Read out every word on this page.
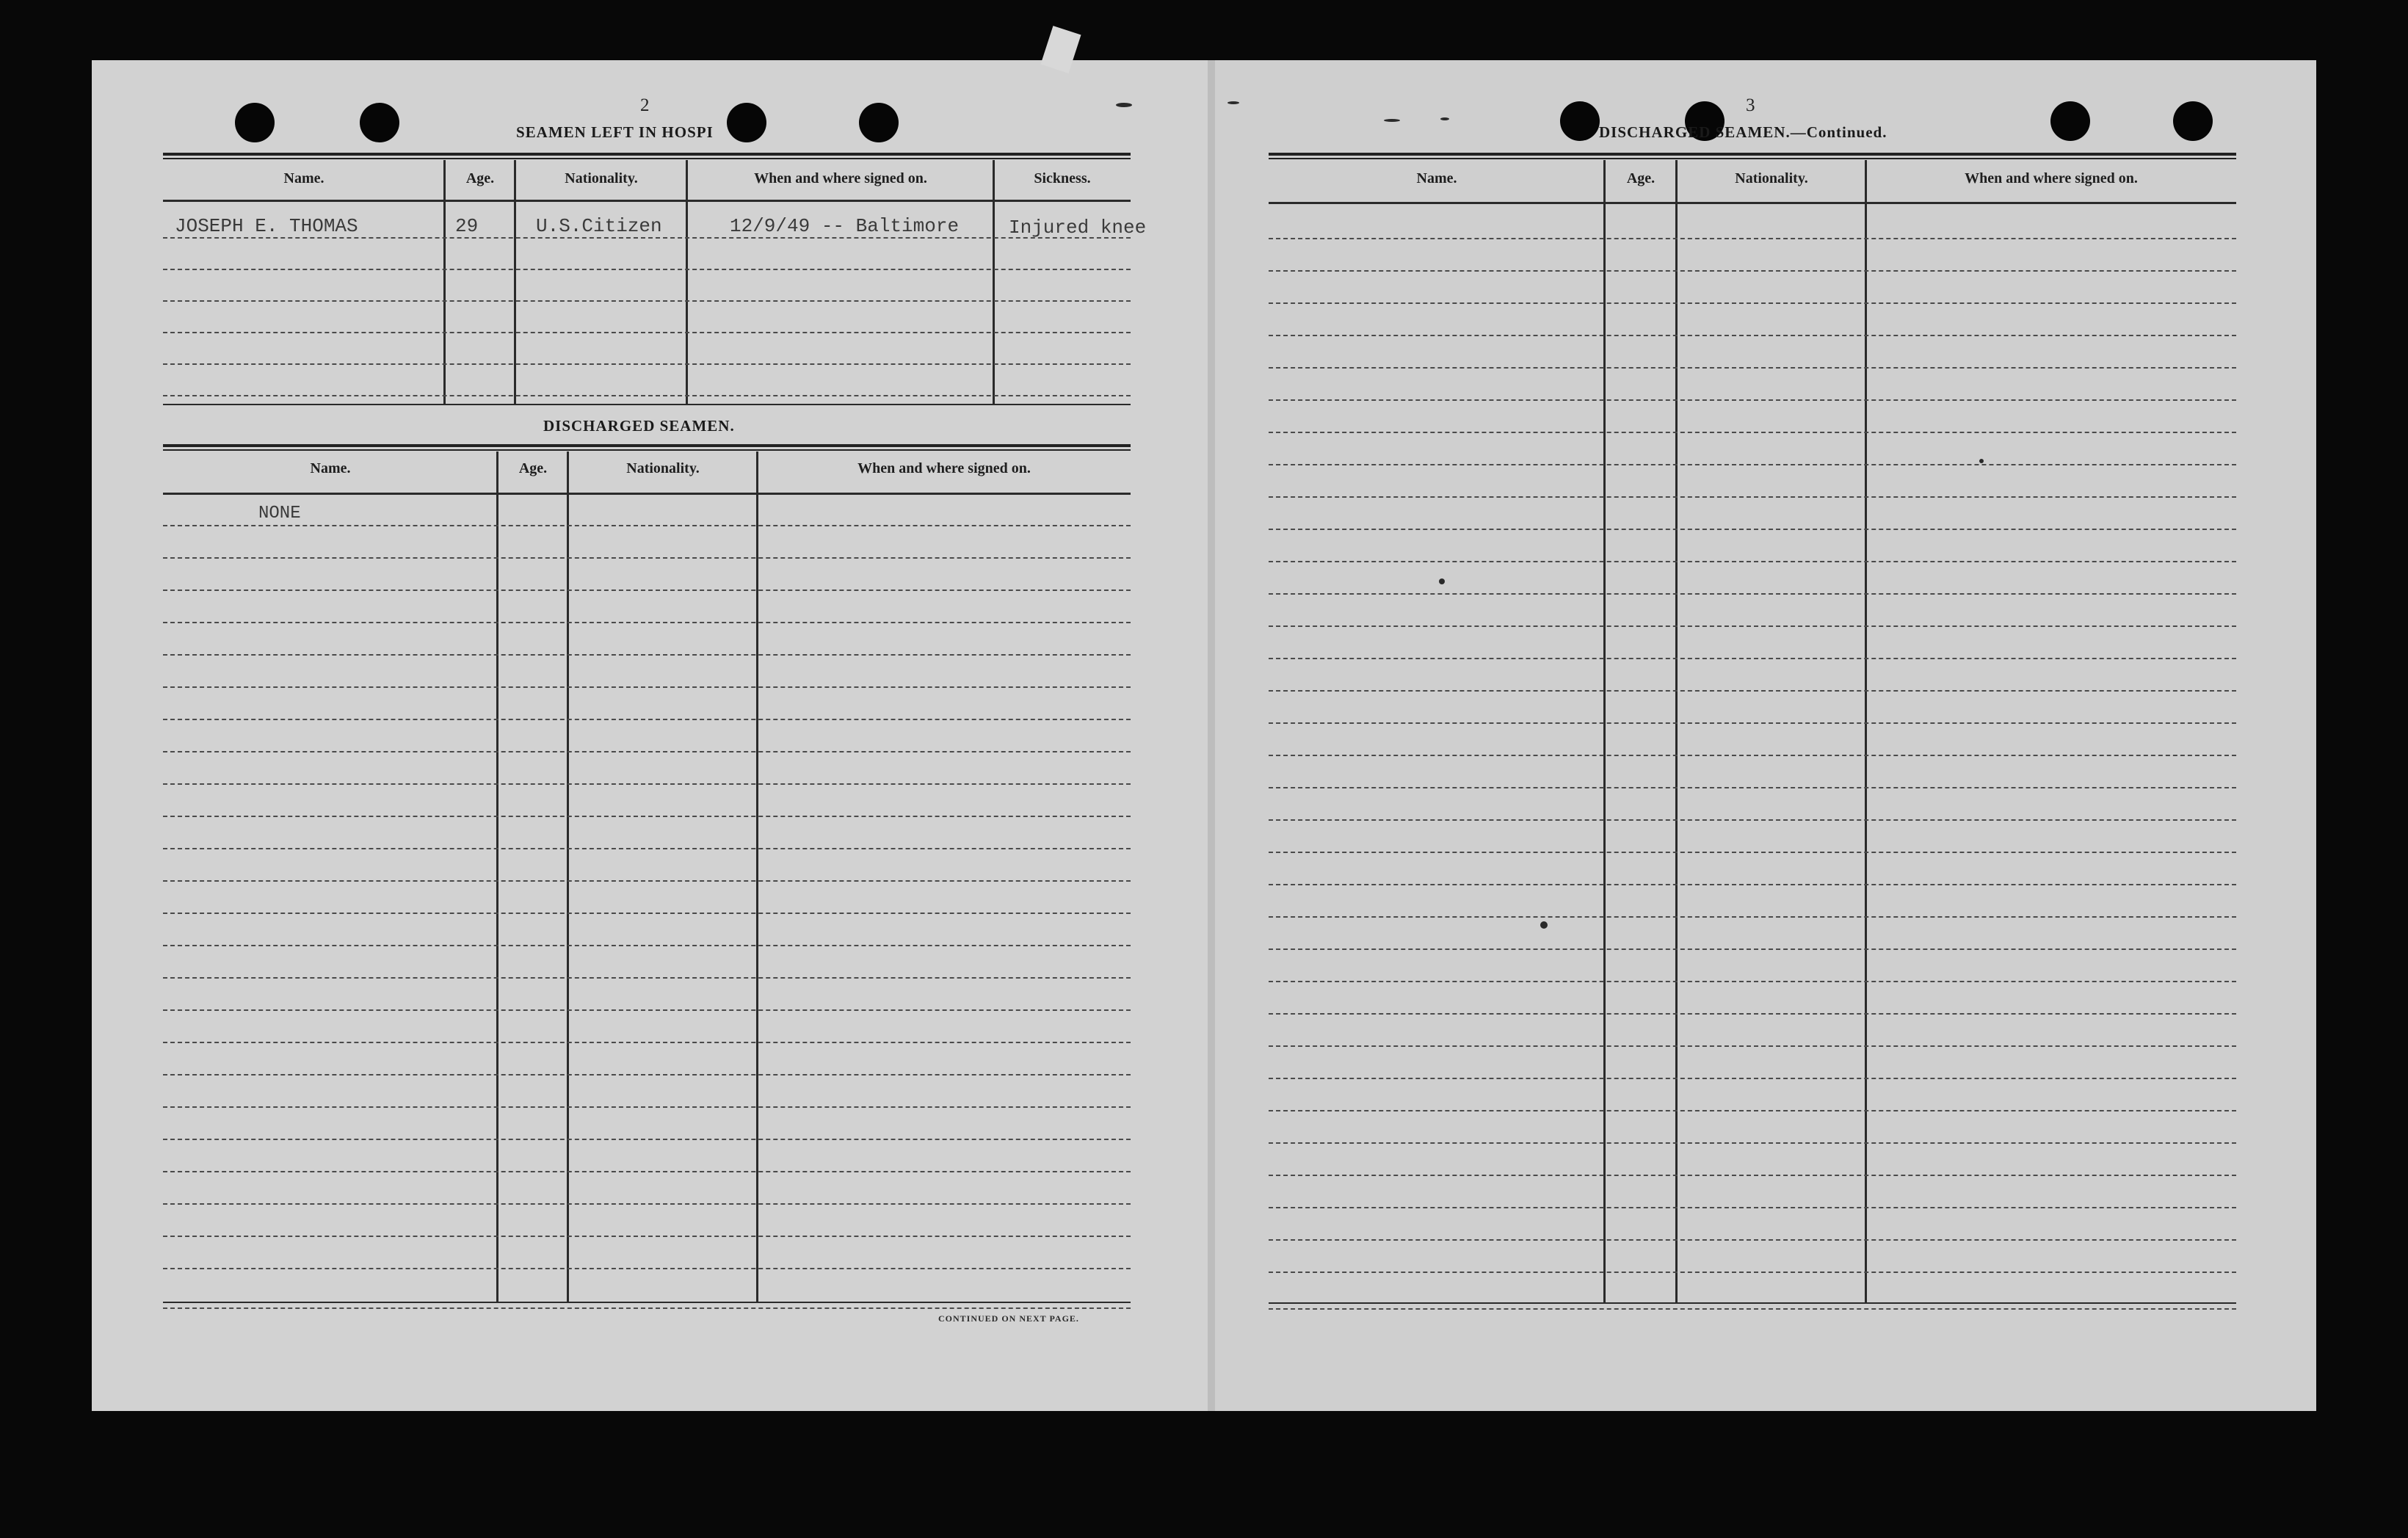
2
SEAMEN LEFT IN HOSPI
Name.	Age.	Nationality.	When and where signed on.	Sickness.
JOSEPH E. THOMAS	29	U.S.Citizen	12/9/49 -- Baltimore	Injured knee
DISCHARGED SEAMEN.
Name.	Age.	Nationality.	When and where signed on.
NONE
CONTINUED ON NEXT PAGE.
3
DISCHARGED SEAMEN.—Continued.
Name.	Age.	Nationality.	When and where signed on.
